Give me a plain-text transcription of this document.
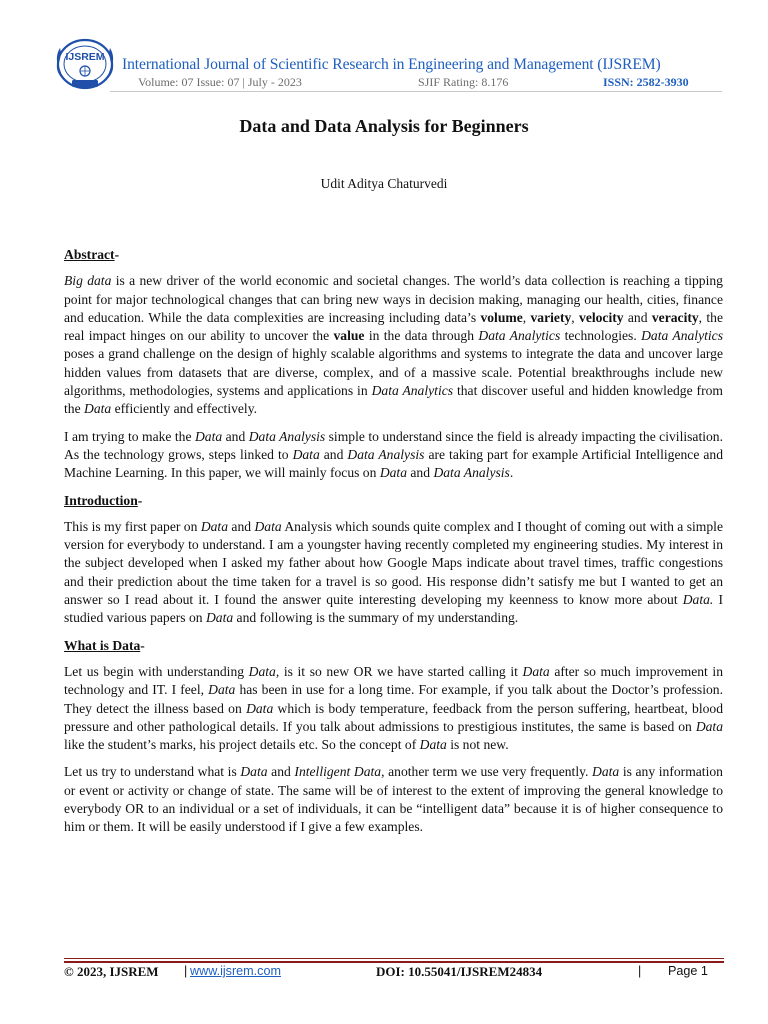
IJSREM International Journal of Scientific Research in Engineering and Management (IJSREM)
Volume: 07 Issue: 07 | July - 2023	SJIF Rating: 8.176	ISSN: 2582-3930
Data and Data Analysis for Beginners
Udit Aditya Chaturvedi
Abstract-

Big data is a new driver of the world economic and societal changes. The world’s data collection is reaching a tipping point for major technological changes that can bring new ways in decision making, managing our health, cities, finance and education. While the data complexities are increasing including data’s volume, variety, velocity and veracity, the real impact hinges on our ability to uncover the value in the data through Data Analytics technologies. Data Analytics poses a grand challenge on the design of highly scalable algorithms and systems to integrate the data and uncover large hidden values from datasets that are diverse, complex, and of a massive scale. Potential breakthroughs include new algorithms, methodologies, systems and applications in Data Analytics that discover useful and hidden knowledge from the Data efficiently and effectively.

I am trying to make the Data and Data Analysis simple to understand since the field is already impacting the civilisation. As the technology grows, steps linked to Data and Data Analysis are taking part for example Artificial Intelligence and Machine Learning. In this paper, we will mainly focus on Data and Data Analysis.

Introduction-

This is my first paper on Data and Data Analysis which sounds quite complex and I thought of coming out with a simple version for everybody to understand. I am a youngster having recently completed my engineering studies. My interest in the subject developed when I asked my father about how Google Maps indicate about travel times, traffic congestions and their prediction about the time taken for a travel is so good. His response didn’t satisfy me but I wanted to get an answer so I read about it. I found the answer quite interesting developing my keenness to know more about Data. I studied various papers on Data and following is the summary of my understanding.

What is Data-

Let us begin with understanding Data, is it so new OR we have started calling it Data after so much improvement in technology and IT. I feel, Data has been in use for a long time. For example, if you talk about the Doctor’s profession. They detect the illness based on Data which is body temperature, feedback from the person suffering, heartbeat, blood pressure and other pathological details. If you talk about admissions to prestigious institutes, the same is based on Data like the student’s marks, his project details etc. So the concept of Data is not new.

Let us try to understand what is Data and Intelligent Data, another term we use very frequently. Data is any information or event or activity or change of state. The same will be of interest to the extent of improving the general knowledge to everybody OR to an individual or a set of individuals, it can be “intelligent data” because it is of higher consequence to him or them. It will be easily understood if I give a few examples.

© 2023, IJSREM | www.ijsrem.com	DOI: 10.55041/IJSREM24834	| Page 1
